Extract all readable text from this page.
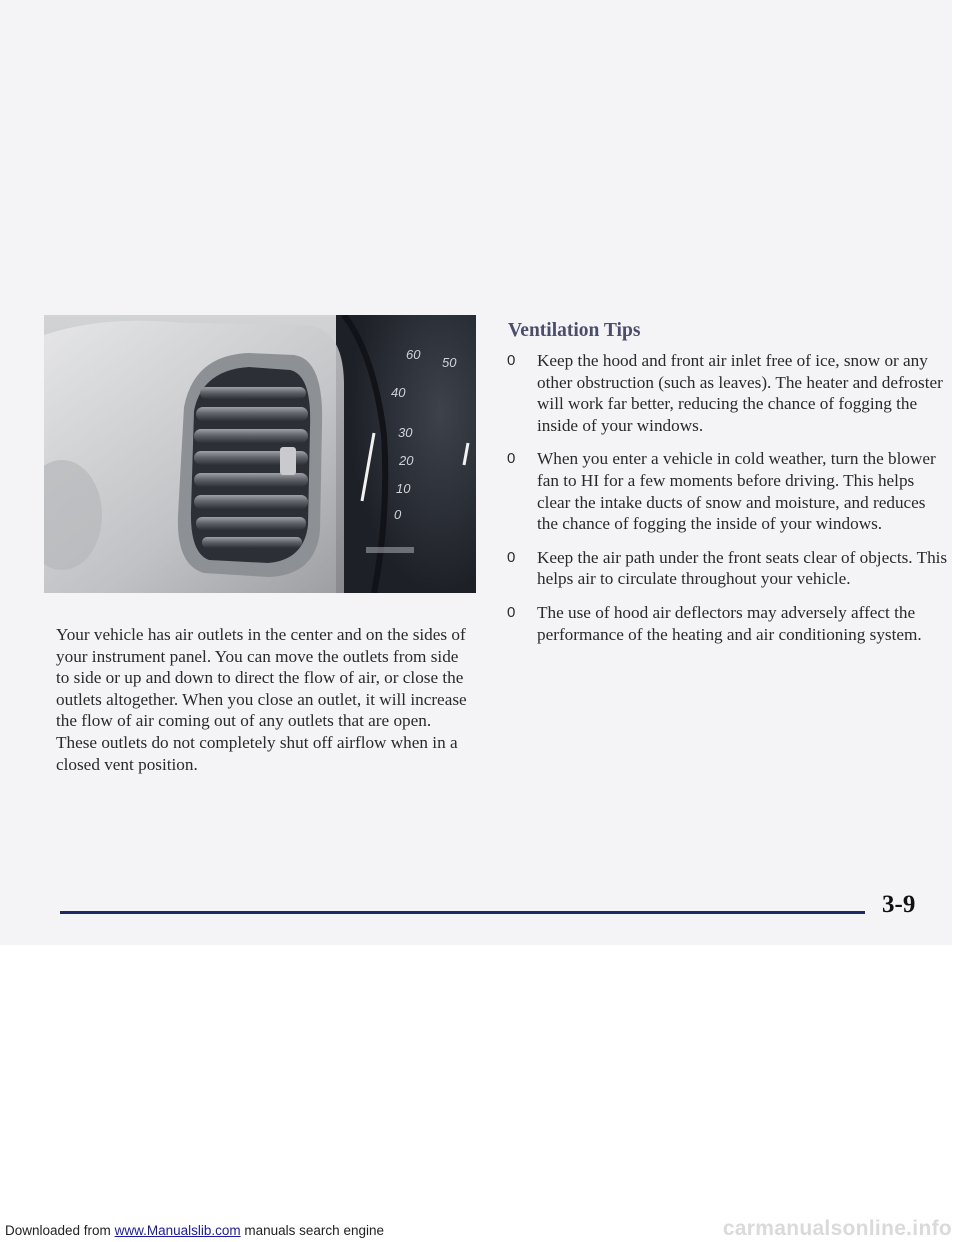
60
50
40
30
20
10
0

Your vehicle has air outlets in the center and on the sides of your instrument panel. You can move the outlets from side to side or up and down to direct the flow of air, or close the outlets altogether. When you close an outlet, it will increase the flow of air coming out of any outlets that are open. These outlets do not completely shut off airflow when in a closed vent position.

Ventilation Tips
0 Keep the hood and front air inlet free of ice, snow or any other obstruction (such as leaves). The heater and defroster will work far better, reducing the chance of fogging the inside of your windows.
0 When you enter a vehicle in cold weather, turn the blower fan to HI for a few moments before driving. This helps clear the intake ducts of snow and moisture, and reduces the chance of fogging the inside of your windows.
0 Keep the air path under the front seats clear of objects. This helps air to circulate throughout your vehicle.
0 The use of hood air deflectors may adversely affect the performance of the heating and air conditioning system.

3-9

Downloaded from www.Manualslib.com manuals search engine	carmanualsonline.info
